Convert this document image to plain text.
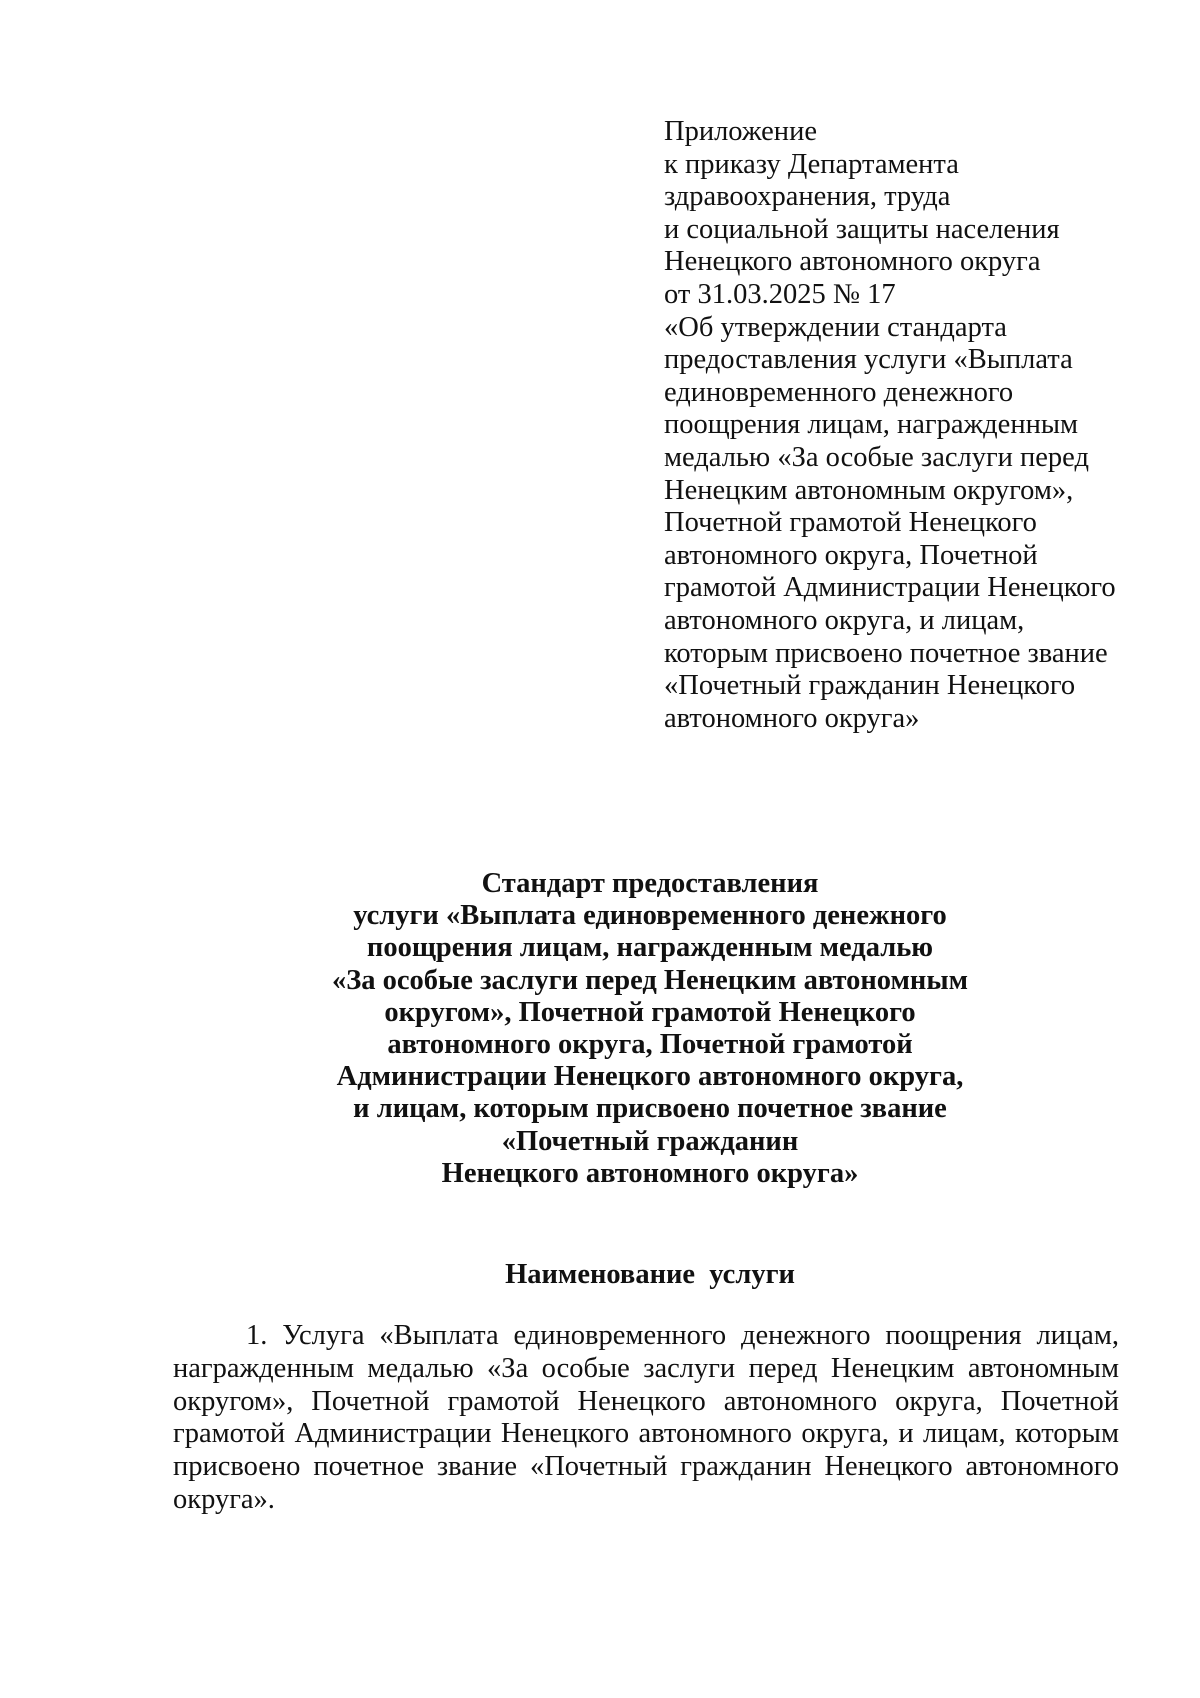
Приложение
к приказу Департамента
здравоохранения, труда
и социальной защиты населения
Ненецкого автономного округа
от 31.03.2025 № 17
«Об утверждении стандарта
предоставления услуги «Выплата
единовременного денежного
поощрения лицам, награжденным
медалью «За особые заслуги перед
Ненецким автономным округом»,
Почетной грамотой Ненецкого
автономного округа, Почетной
грамотой Администрации Ненецкого
автономного округа, и лицам,
которым присвоено почетное звание
«Почетный гражданин Ненецкого
автономного округа»
Стандарт предоставления
услуги «Выплата единовременного денежного
поощрения лицам, награжденным медалью
«За особые заслуги перед Ненецким автономным
округом», Почетной грамотой Ненецкого
автономного округа, Почетной грамотой
Администрации Ненецкого автономного округа,
и лицам, которым присвоено почетное звание
«Почетный гражданин
Ненецкого автономного округа»
Наименование  услуги
1. Услуга «Выплата единовременного денежного поощрения лицам,
награжденным медалью «За особые заслуги перед Ненецким автономным
округом», Почетной грамотой Ненецкого автономного округа, Почетной
грамотой Администрации Ненецкого автономного округа, и лицам, которым
присвоено почетное звание «Почетный гражданин Ненецкого автономного
округа».
